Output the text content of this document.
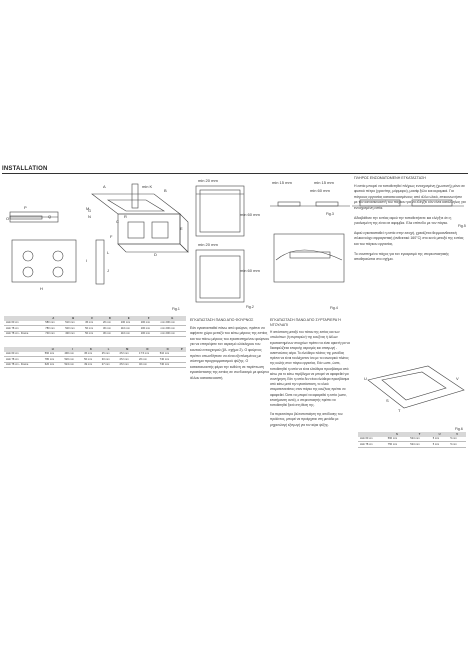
INSTALLATION
O
P
min K
G
A
B
C
E
D
F
H
I
L
J
Q	R
M
N
Fig.1
	A	B	C	D	E	F	G
Hob 60 cm	580 mm	510 mm	45 mm	20 mm	100 mm	100 mm	min 200 mm
Hob 78 cm	780 mm	520 mm	50 mm	30 mm	110 mm	100 mm	min 200 mm
Hob 78 cm - Frame	740 mm	430 mm	50 mm	30 mm	110 mm	100 mm	min 200 mm
	H	I	K	L	M	N	O	P
Hob 60 cm	560 mm	490 mm	45 mm	25 mm	472 mm	17.5 mm	510 mm	
Hob 78 cm	780 mm	520 mm	50 mm	30 mm	472 mm	20 mm	740 mm	
Hob 78 cm - Frame	620 mm	524 mm	49 mm	27 mm	472 mm	40 mm	740 mm	
min 20 mm
min 60 mm
min 20 mm
min 60 mm
Fig.2
min 15 mm	min 15 mm
min 60 mm
Fig.3
Fig.4
Fig.5
U
S
T
V
Fig.6
	S	T	U	V
Hob 60 cm	560 mm	524 mm	5 mm	5 mm
Hob 78 cm	750 mm	524 mm	5 mm	5 mm
ΕΓΚΑΤΑΣΤΑΣΗ ΠΑΝΩ ΑΠΟ ΦΟΥΡΝΟΣ

Εάν εγκατασταθεί πάνω από φούρνο, πρέπει να αφήσετε χώρο μεταξύ του κάτω μέρους της εστίας και του πάνω μέρους του εγκατεστημένου φούρνου για να επιτρέψετε τον αερισμό ολόκληρου του κουτιού εντοιχισμού (βλ. σχήμα 2). Ο φούρνος πρέπει οπωσδήποτε να είναι εξοπλισμένος με σύστημα προγραμματισμού ψύξης. Ο κατασκευαστής φέρει την ευθύνη σε περίπτωση εγκατάστασης της εστίας σε συνδυασμό με φούρνο άλλου κατασκευαστή.

ΕΓΚΑΤΑΣΤΑΣΗ ΠΑΝΩ ΑΠΟ ΣΥΡΤΑΡΙΕΡΑ Ή ΝΤΟΥΛΑΠΙ

Η απόσταση μεταξύ του πάτου της εστίας και των υπολοίπων (ή συρταριών) της κουζίνας ή άλλων εγκαταστημένων στοιχείων πρέπει να είναι αρκετή για να διασφαλίζεται επαρκής αερισμός και απαγωγή - αναπνεύσεις αέρα. Το ελεύθερο πλάτος της μονάδας πρέπει να είναι τουλάχιστον ίσο με το εσωτερικό πλάτος της κοιλής στον πάγκο εργασίας. Εάν ωστε, ώστε, τοποθετηθεί η εστία να είναι ελεύθερα προσβάσιμα από κάτω για το κάτω περίβλημα να μπορεί να αφαιρεθεί για συντήρηση. Εάν η εστία δεν είναι ελεύθερα προσβάσιμα από κάτω μετά την εγκατάσταση, το υλικό σταματεπεκτέπος στον πάγκο της κουζίνας πρέπει να αφαιρεθεί. Ώστε να μπορεί να αφαιρεθεί η εστία (ωστε, επισήμανση αυτό), ο στερεοποιητής πρέπει να τοποθετηθεί ξανά στη θέση της.

Για περισσότερο βελτιστοποίηση της απόδοσης του προϊόντος, μπορεί να προέρχεται στη μονάδα με μηχανολογή εξαγωγή για τον αέρα ψύξης.

ΠΛΗΡΩΣ ΕΝΣΩΜΑΤΩΜΕΝΗ ΕΓΚΑΤΑΣΤΑΣΗ

Η εστία μπορεί να τοποθετηθεί πλήρως εντοιχισμένη (χωνευτή) μόνο σε φυσικό πέτρο (γρανίτης, μάρμαρο), μασίφ ξύλο και κεραμικά. Για πάγκους εργασίας κατασκευασμένους από άλλο υλικό, επικοινωνήστε με τον κατασκευαστή του πάγκου για να ελέγξει εάν είναι κατάλληλος για εντοιχισμένη εστία.

Αδιαβάθυτε την εστίας αφού την τοποθετήσετε και ελέγξτε ότι η γυαλισμένη της είναι σε αφαμβια. Ελα επίπεδο με τον πάγκο.

Αφού εγκατασταθεί η εστία στην εσοχή, χρειάζεται θερμοανθεκτική σιλικονούχο σφραγιστική (ανθεκτικό 160°C) στο κενό μεταξύ της εστίας και του πάγκου εργασίας.

Το συνεπημένο πάχος για τον εγκαρσιμό της στερεοποιητικής αποθηκεύεται στο σχήμα.
